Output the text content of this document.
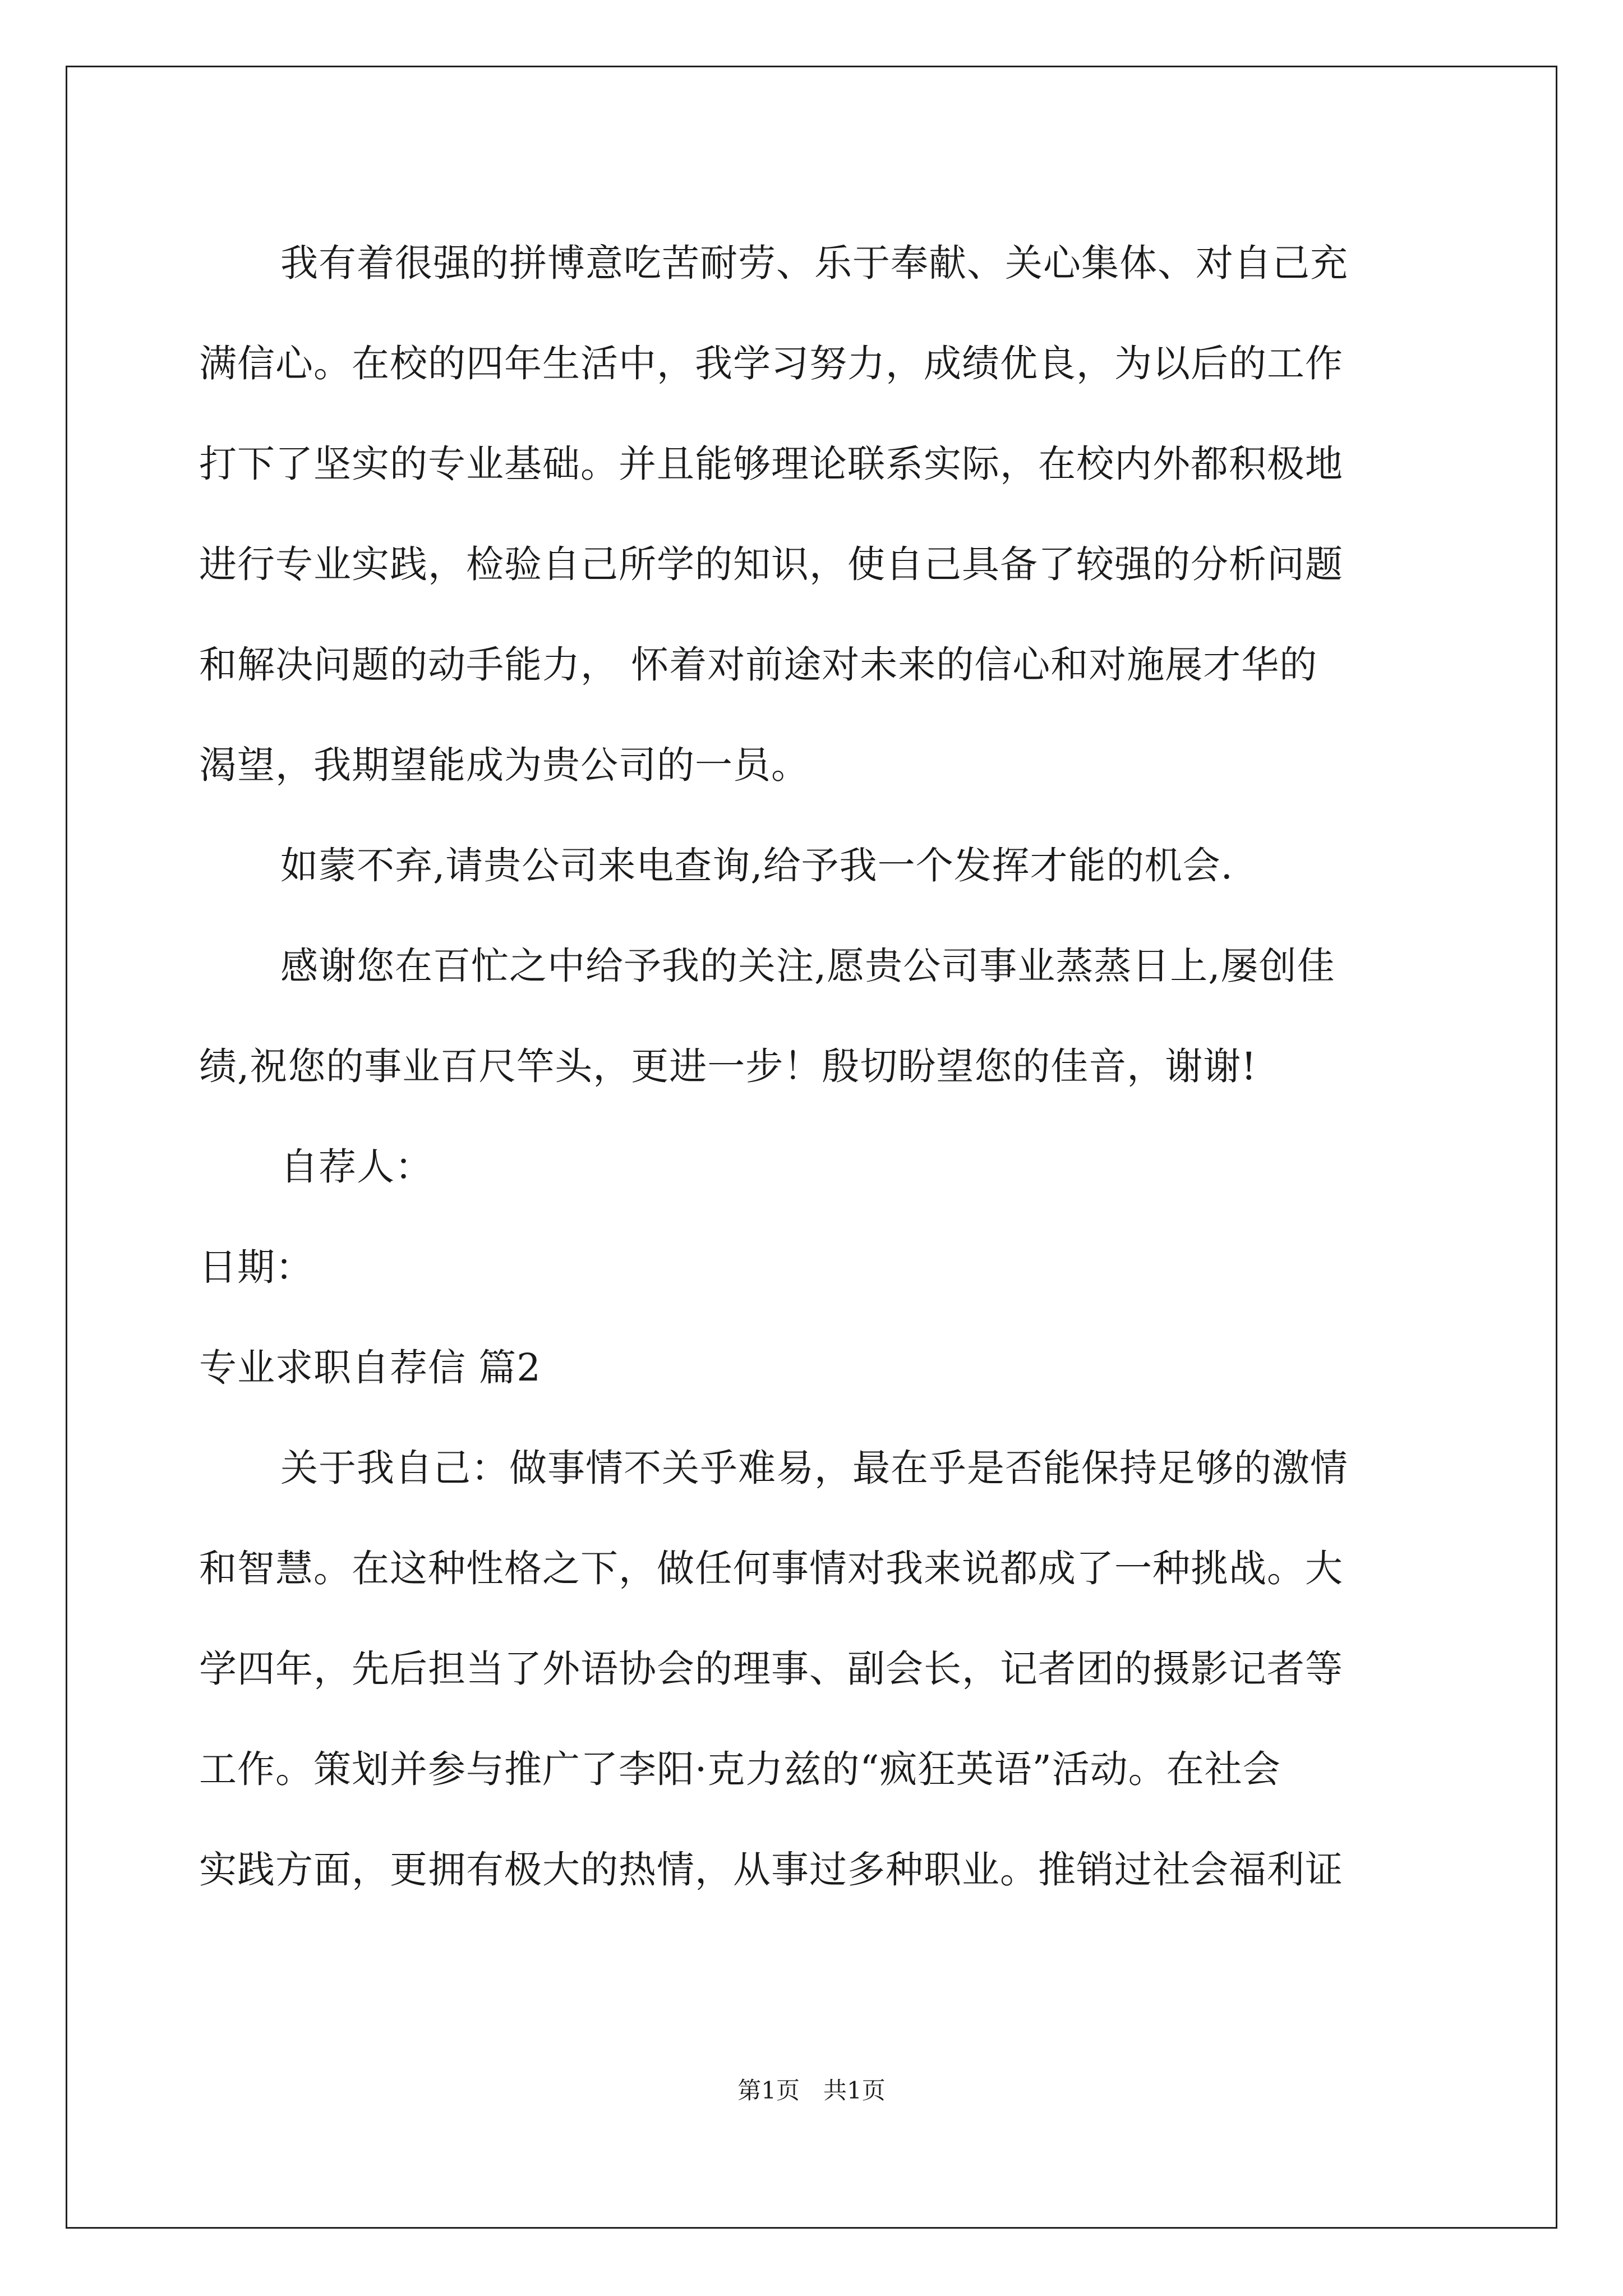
我有着很强的拼博意吃苦耐劳、乐于奉献、关心集体、对自己充
满信心。在校的四年生活中，我学习努力，成绩优良，为以后的工作
打下了坚实的专业基础。并且能够理论联系实际，在校内外都积极地
进行专业实践，检验自己所学的知识，使自己具备了较强的分析问题
和解决问题的动手能力， 怀着对前途对未来的信心和对施展才华的
渴望，我期望能成为贵公司的一员。
如蒙不弃,请贵公司来电查询,给予我一个发挥才能的机会.
感谢您在百忙之中给予我的关注,愿贵公司事业蒸蒸日上,屡创佳
绩,祝您的事业百尺竿头，更进一步！殷切盼望您的佳音，谢谢!
自荐人：
日期：
专业求职自荐信 篇2
关于我自己：做事情不关乎难易，最在乎是否能保持足够的激情
和智慧。在这种性格之下，做任何事情对我来说都成了一种挑战。大
学四年，先后担当了外语协会的理事、副会长，记者团的摄影记者等
工作。策划并参与推广了李阳·克力兹的“疯狂英语”活动。在社会
实践方面，更拥有极大的热情，从事过多种职业。推销过社会福利证
第1页　共1页
